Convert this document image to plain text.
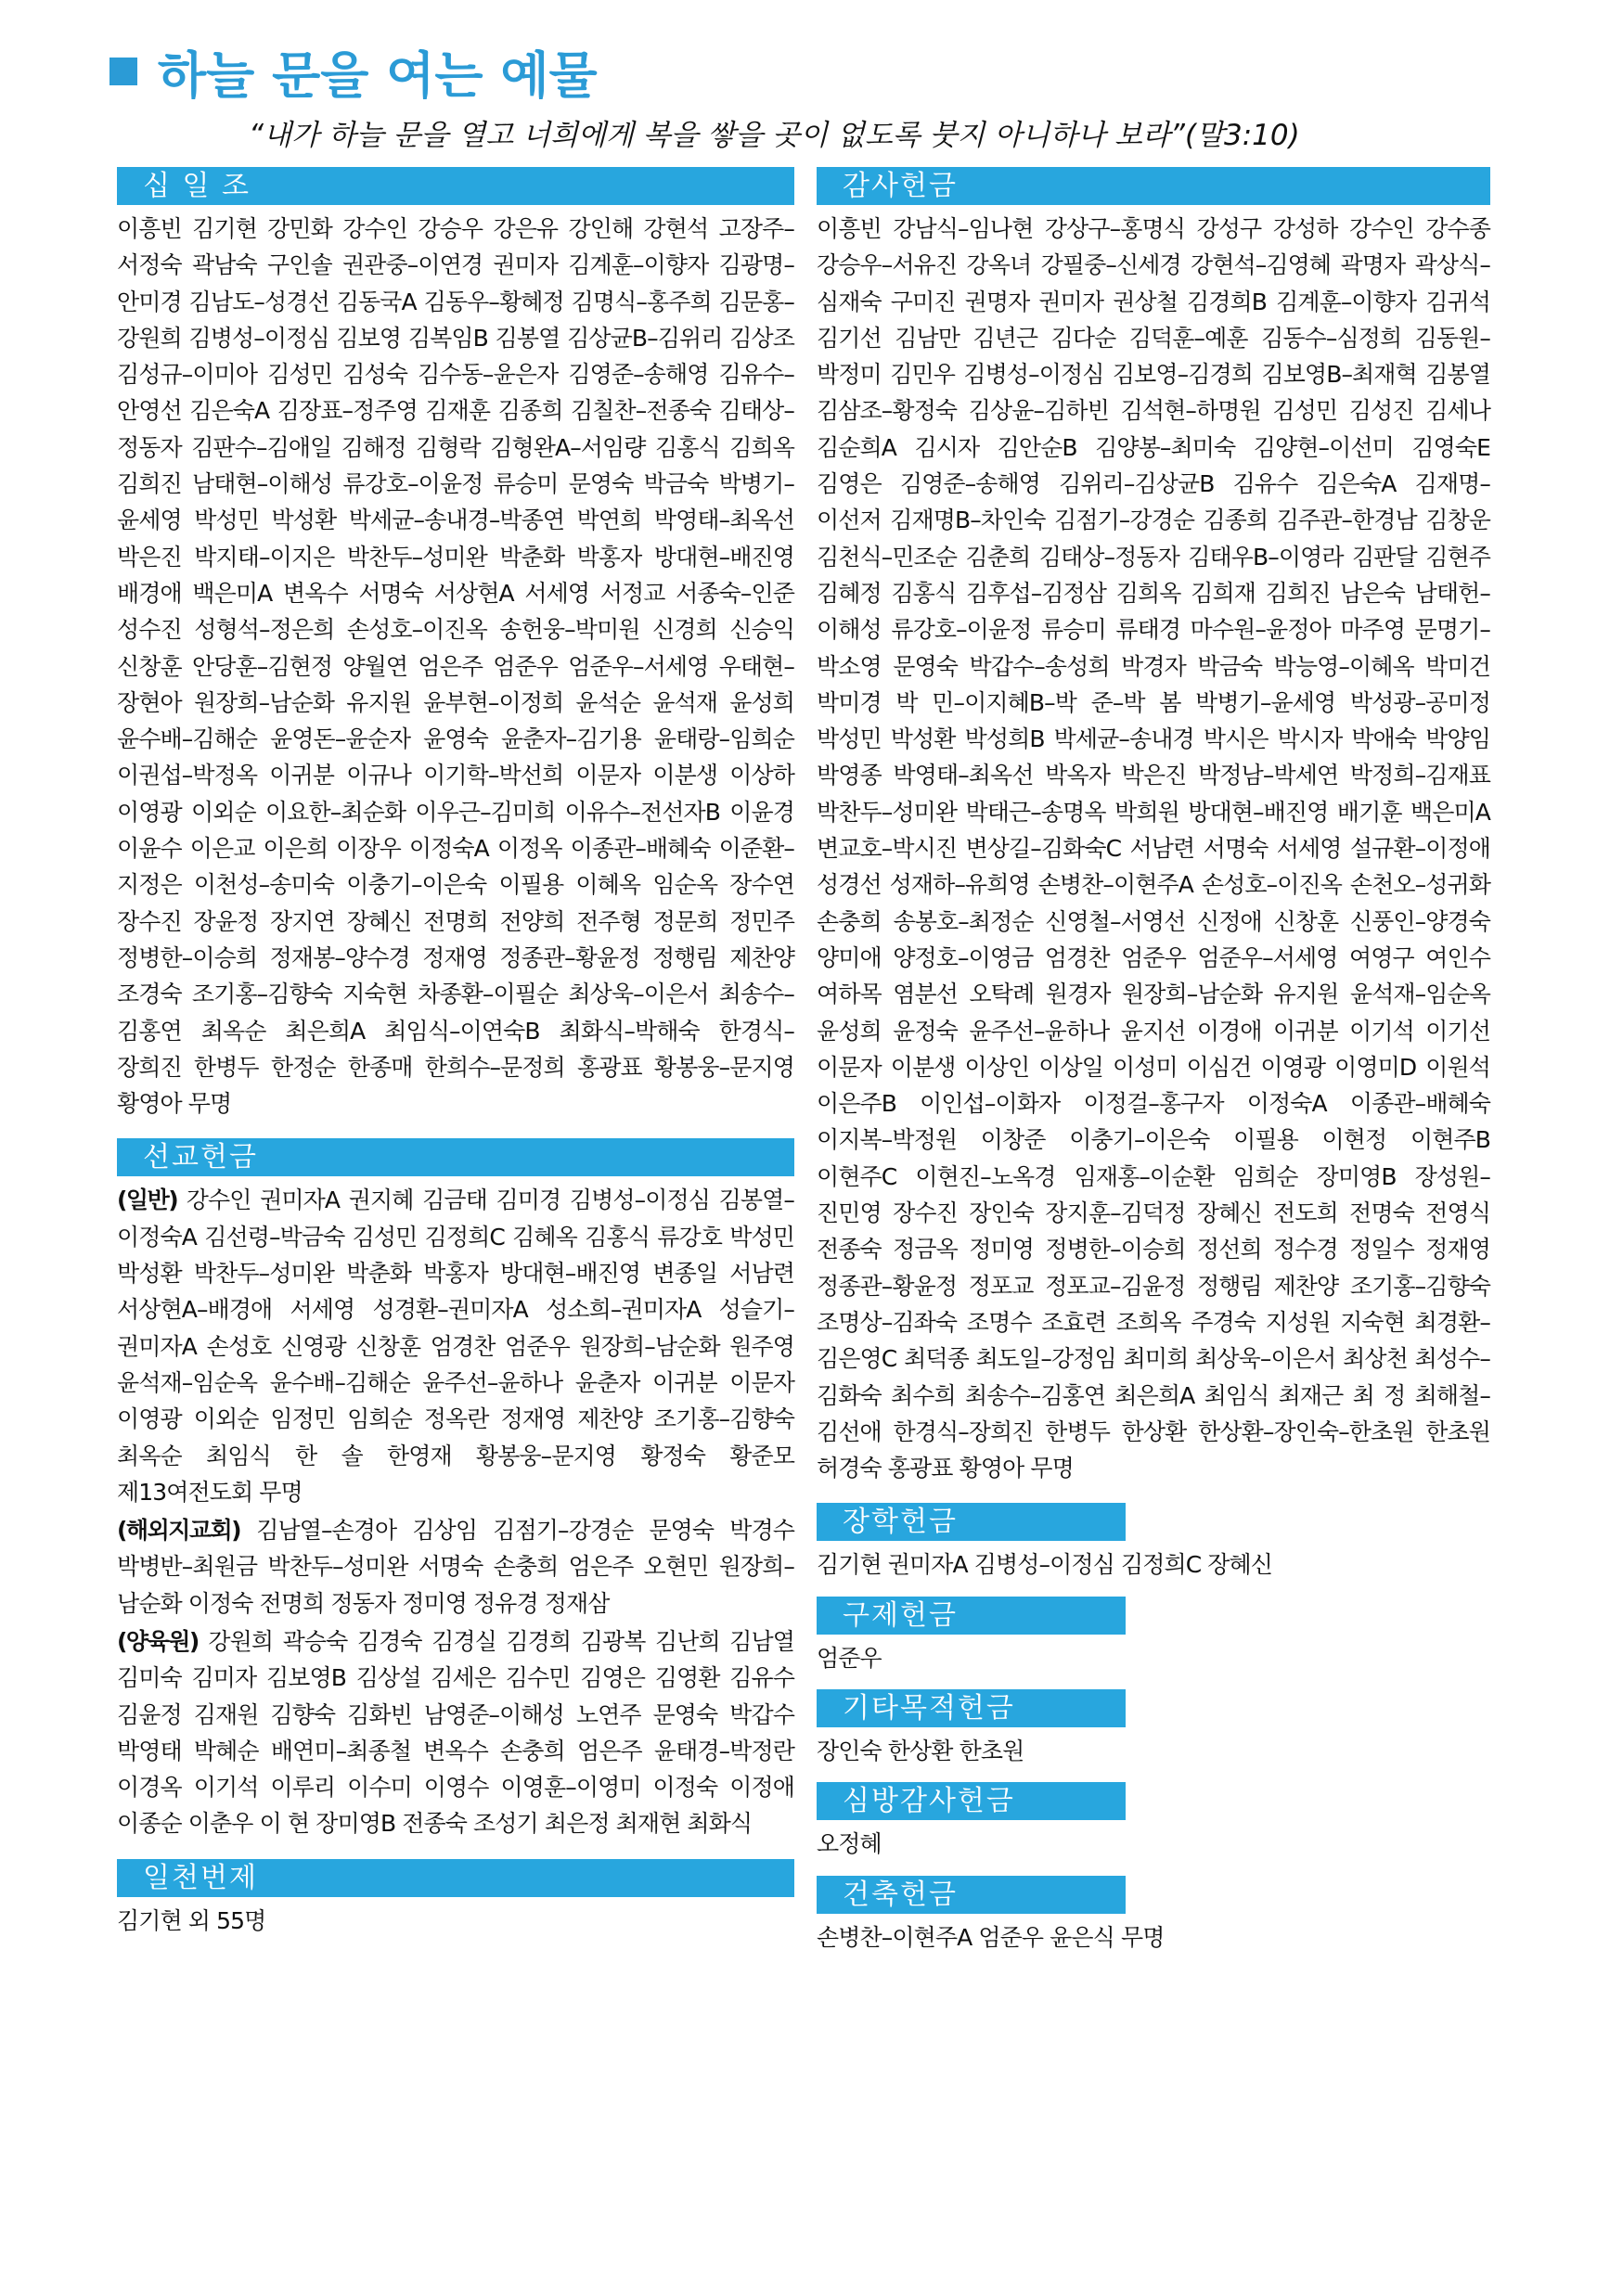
하늘 문을 여는 예물
“내가 하늘 문을 열고 너희에게 복을 쌓을 곳이 없도록 붓지 아니하나 보라”(말3:10)
십 일 조
이흥빈 김기현 강민화 강수인 강승우 강은유 강인해 강현석 고장주–서정숙 곽남숙 구인솔 권관중–이연경 권미자 김계훈–이향자 김광명–안미경 김남도–성경선 김동국A 김동우–황혜정 김명식–홍주희 김문홍–강원희 김병성–이정심 김보영 김복임B 김봉열 김상균B–김위리 김상조 김성규–이미아 김성민 김성숙 김수동–윤은자 김영준–송해영 김유수–안영선 김은숙A 김장표–정주영 김재훈 김종희 김칠찬–전종숙 김태상–정동자 김판수–김애일 김해정 김형락 김형완A–서임량 김홍식 김희옥 김희진 남태현–이해성 류강호–이윤정 류승미 문영숙 박금숙 박병기–윤세영 박성민 박성환 박세균–송내경–박종연 박연희 박영태–최옥선 박은진 박지태–이지은 박찬두–성미완 박춘화 박홍자 방대현–배진영 배경애 백은미A 변옥수 서명숙 서상현A 서세영 서정교 서종숙–인준 성수진 성형석–정은희 손성호–이진옥 송헌웅–박미원 신경희 신승익 신창훈 안당훈–김현정 양월연 엄은주 엄준우 엄준우–서세영 우태현–장현아 원장희–남순화 유지원 윤부현–이정희 윤석순 윤석재 윤성희 윤수배–김해순 윤영돈–윤순자 윤영숙 윤춘자–김기용 윤태랑–임희순 이권섭–박정옥 이귀분 이규나 이기학–박선희 이문자 이분생 이상하 이영광 이외순 이요한–최순화 이우근–김미희 이유수–전선자B 이윤경 이윤수 이은교 이은희 이장우 이정숙A 이정옥 이종관–배혜숙 이준환–지정은 이천성–송미숙 이충기–이은숙 이필용 이혜옥 임순옥 장수연 장수진 장윤정 장지연 장혜신 전명희 전양희 전주형 정문희 정민주 정병한–이승희 정재봉–양수경 정재영 정종관–황윤정 정행림 제찬양 조경숙 조기홍–김향숙 지숙현 차종환–이필순 최상욱–이은서 최송수–김홍연 최옥순 최은희A 최임식–이연숙B 최화식–박해숙 한경식–장희진 한병두 한정순 한종매 한희수–문정희 홍광표 황봉웅–문지영 황영아 무명
선교헌금
(일반) 강수인 권미자A 권지혜 김금태 김미경 김병성–이정심 김봉열–이정숙A 김선령–박금숙 김성민 김정희C 김혜옥 김홍식 류강호 박성민 박성환 박찬두–성미완 박춘화 박홍자 방대현–배진영 변종일 서남련 서상현A–배경애 서세영 성경환–권미자A 성소희–권미자A 성슬기–권미자A 손성호 신영광 신창훈 엄경찬 엄준우 원장희–남순화 원주영 윤석재–임순옥 윤수배–김해순 윤주선–윤하나 윤춘자 이귀분 이문자 이영광 이외순 임정민 임희순 정옥란 정재영 제찬양 조기홍–김향숙 최옥순 최임식 한 솔 한영재 황봉웅–문지영 황정숙 황준모 제13여전도회 무명
(해외지교회) 김남열–손경아 김상임 김점기–강경순 문영숙 박경수 박병반–최원금 박찬두–성미완 서명숙 손충희 엄은주 오현민 원장희–남순화 이정숙 전명희 정동자 정미영 정유경 정재삼
(양육원) 강원희 곽승숙 김경숙 김경실 김경희 김광복 김난희 김남열 김미숙 김미자 김보영B 김상설 김세은 김수민 김영은 김영환 김유수 김윤정 김재원 김향숙 김화빈 남영준–이해성 노연주 문영숙 박갑수 박영태 박혜순 배연미–최종철 변옥수 손충희 엄은주 윤태경–박정란 이경옥 이기석 이루리 이수미 이영수 이영훈–이영미 이정숙 이정애 이종순 이춘우 이 현 장미영B 전종숙 조성기 최은정 최재현 최화식
일천번제
김기현 외 55명
감사헌금
이흥빈 강남식–임나현 강상구–홍명식 강성구 강성하 강수인 강수종 강승우–서유진 강옥녀 강필중–신세경 강현석–김영혜 곽명자 곽상식–심재숙 구미진 권명자 권미자 권상철 김경희B 김계훈–이향자 김귀석 김기선 김남만 김년근 김다순 김덕훈–예훈 김동수–심정희 김동원–박정미 김민우 김병성–이정심 김보영–김경희 김보영B–최재혁 김봉열 김삼조–황정숙 김상윤–김하빈 김석현–하명원 김성민 김성진 김세나 김순희A 김시자 김안순B 김양봉–최미숙 김양현–이선미 김영숙E 김영은 김영준–송해영 김위리–김상균B 김유수 김은숙A 김재명–이선저 김재명B–차인숙 김점기–강경순 김종희 김주관–한경남 김창운 김천식–민조순 김춘희 김태상–정동자 김태우B–이영라 김판달 김현주 김혜정 김홍식 김후섭–김정삼 김희옥 김희재 김희진 남은숙 남태헌–이해성 류강호–이윤정 류승미 류태경 마수원–윤정아 마주영 문명기–박소영 문영숙 박갑수–송성희 박경자 박금숙 박능영–이혜옥 박미건 박미경 박 민–이지혜B–박 준–박 봄 박병기–윤세영 박성광–공미정 박성민 박성환 박성희B 박세균–송내경 박시은 박시자 박애숙 박양임 박영종 박영태–최옥선 박옥자 박은진 박정남–박세연 박정희–김재표 박찬두–성미완 박태근–송명옥 박희원 방대현–배진영 배기훈 백은미A 변교호–박시진 변상길–김화숙C 서남련 서명숙 서세영 설규환–이정애 성경선 성재하–유희영 손병찬–이현주A 손성호–이진옥 손천오–성귀화 손충희 송봉호–최정순 신영철–서영선 신정애 신창훈 신풍인–양경숙 양미애 양정호–이영금 엄경찬 엄준우 엄준우–서세영 여영구 여인수 여하목 염분선 오탁례 원경자 원장희–남순화 유지원 윤석재–임순옥 윤성희 윤정숙 윤주선–윤하나 윤지선 이경애 이귀분 이기석 이기선 이문자 이분생 이상인 이상일 이성미 이심건 이영광 이영미D 이원석 이은주B 이인섭–이화자 이정걸–홍구자 이정숙A 이종관–배혜숙 이지복–박정원 이창준 이충기–이은숙 이필용 이현정 이현주B 이현주C 이현진–노옥경 임재홍–이순환 임희순 장미영B 장성원–진민영 장수진 장인숙 장지훈–김덕정 장혜신 전도희 전명숙 전영식 전종숙 정금옥 정미영 정병한–이승희 정선희 정수경 정일수 정재영 정종관–황윤정 정포교 정포교–김윤정 정행림 제찬양 조기홍–김향숙 조명상–김좌숙 조명수 조효련 조희옥 주경숙 지성원 지숙현 최경환–김은영C 최덕종 최도일–강정임 최미희 최상욱–이은서 최상천 최성수–김화숙 최수희 최송수–김홍연 최은희A 최임식 최재근 최 정 최해철–김선애 한경식–장희진 한병두 한상환 한상환–장인숙–한초원 한초원 허경숙 홍광표 황영아 무명
장학헌금
김기현 권미자A 김병성–이정심 김정희C 장혜신
구제헌금
엄준우
기타목적헌금
장인숙 한상환 한초원
심방감사헌금
오정혜
건축헌금
손병찬–이현주A 엄준우 윤은식 무명
